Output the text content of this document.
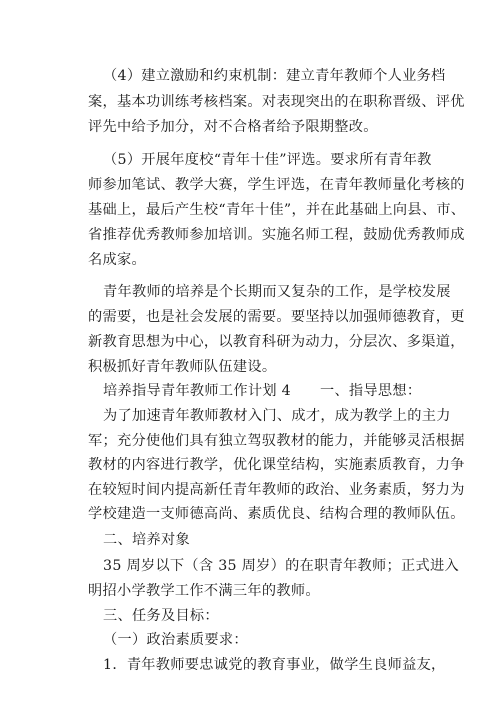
（4）建立激励和约束机制：建立青年教师个人业务档
案，基本功训练考核档案。对表现突出的在职称晋级、评优
评先中给予加分，对不合格者给予限期整改。
（5）开展年度校“青年十佳”评选。要求所有青年教
师参加笔试、教学大赛，学生评选，在青年教师量化考核的
基础上，最后产生校“青年十佳”，并在此基础上向县、市、
省推荐优秀教师参加培训。实施名师工程，鼓励优秀教师成
名成家。
青年教师的培养是个长期而又复杂的工作，是学校发展
的需要，也是社会发展的需要。要坚持以加强师德教育，更
新教育思想为中心，以教育科研为动力，分层次、多渠道，
积极抓好青年教师队伍建设。
培养指导青年教师工作计划 4　　一、指导思想：
为了加速青年教师教材入门、成才，成为教学上的主力
军；充分使他们具有独立驾驭教材的能力，并能够灵活根据
教材的内容进行教学，优化课堂结构，实施素质教育，力争
在较短时间内提高新任青年教师的政治、业务素质，努力为
学校建造一支师德高尚、素质优良、结构合理的教师队伍。
二、培养对象
35 周岁以下（含 35 周岁）的在职青年教师；正式进入
明招小学教学工作不满三年的教师。
三、任务及目标：
（一）政治素质要求：
1．青年教师要忠诚党的教育事业，做学生良师益友，
